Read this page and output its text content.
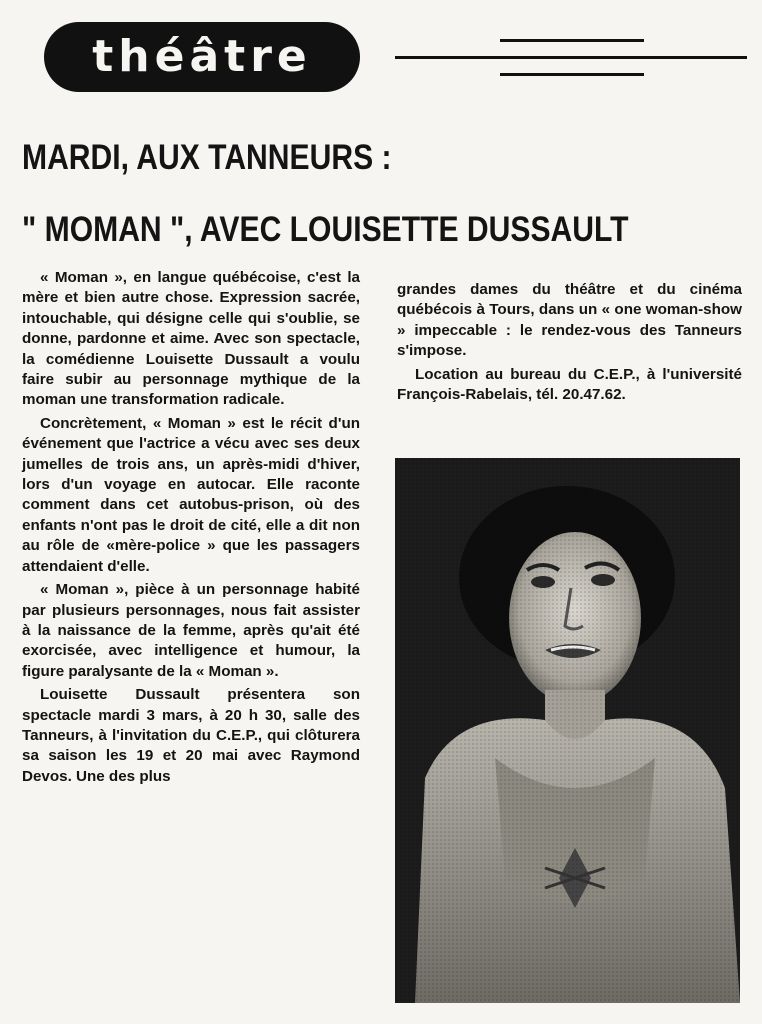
théâtre
MARDI, AUX TANNEURS :
" MOMAN ", AVEC LOUISETTE DUSSAULT

« Moman », en langue québécoise, c'est la mère et bien autre chose. Expression sacrée, intouchable, qui désigne celle qui s'oublie, se donne, pardonne et aime. Avec son spectacle, la comédienne Louisette Dussault a voulu faire subir au personnage mythique de la moman une transformation radicale.

Concrètement, « Moman » est le récit d'un événement que l'actrice a vécu avec ses deux jumelles de trois ans, un après-midi d'hiver, lors d'un voyage en autocar. Elle raconte comment dans cet autobus-prison, où des enfants n'ont pas le droit de cité, elle a dit non au rôle de «mère-police » que les passagers attendaient d'elle.

« Moman », pièce à un personnage habité par plusieurs personnages, nous fait assister à la naissance de la femme, après qu'ait été exorcisée, avec intelligence et humour, la figure paralysante de la « Moman ».

Louisette Dussault présentera son spectacle mardi 3 mars, à 20 h 30, salle des Tanneurs, à l'invitation du C.E.P., qui clôturera sa saison les 19 et 20 mai avec Raymond Devos. Une des plus

grandes dames du théâtre et du cinéma québécois à Tours, dans un « one woman-show » impeccable : le rendez-vous des Tanneurs s'impose.

Location au bureau du C.E.P., à l'université François-Rabelais, tél. 20.47.62.
